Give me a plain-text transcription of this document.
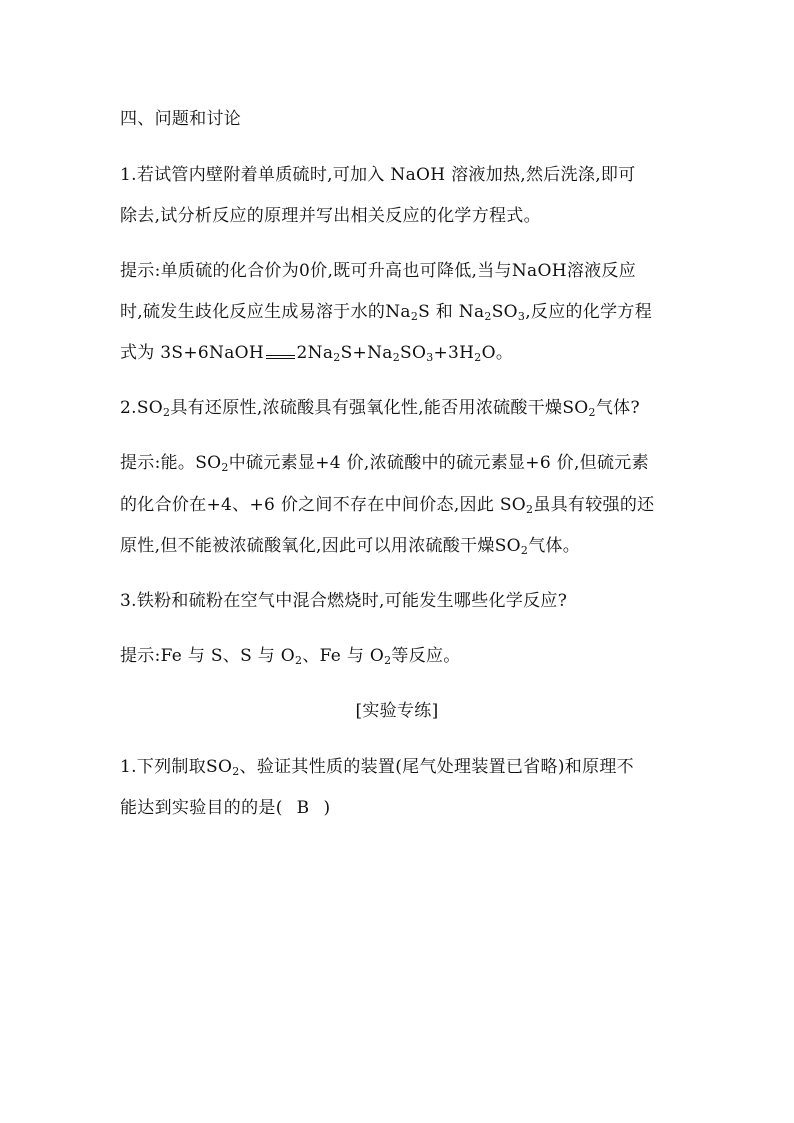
四、问题和讨论
1.若试管内壁附着单质硫时,可加入 NaOH 溶液加热,然后洗涤,即可
除去,试分析反应的原理并写出相关反应的化学方程式。
提示:单质硫的化合价为0价,既可升高也可降低,当与NaOH溶液反应
时,硫发生歧化反应生成易溶于水的$Na_2S$ 和 $Na_2SO_3$,反应的化学方程
式为 3S+6NaOH $2Na_2S+Na_2SO_3+3H_2O$。
$2.SO_2$具有还原性,浓硫酸具有强氧化性,能否用浓硫酸干燥$SO_2$气体?
提示:能。$SO_2$中硫元素显+4 价,浓硫酸中的硫元素显+6 价,但硫元素
的化合价在+4、+6 价之间不存在中间价态,因此 $SO_2$虽具有较强的还
原性,但不能被浓硫酸氧化,因此可以用浓硫酸干燥$SO_2$气体。
3.铁粉和硫粉在空气中混合燃烧时,可能发生哪些化学反应?
提示:Fe 与 S、S 与 $O_2$、Fe 与 $O_2$等反应。
[实验专练]
1.下列制取$SO_2$、验证其性质的装置(尾气处理装置已省略)和原理不
能达到实验目的的是( B )
